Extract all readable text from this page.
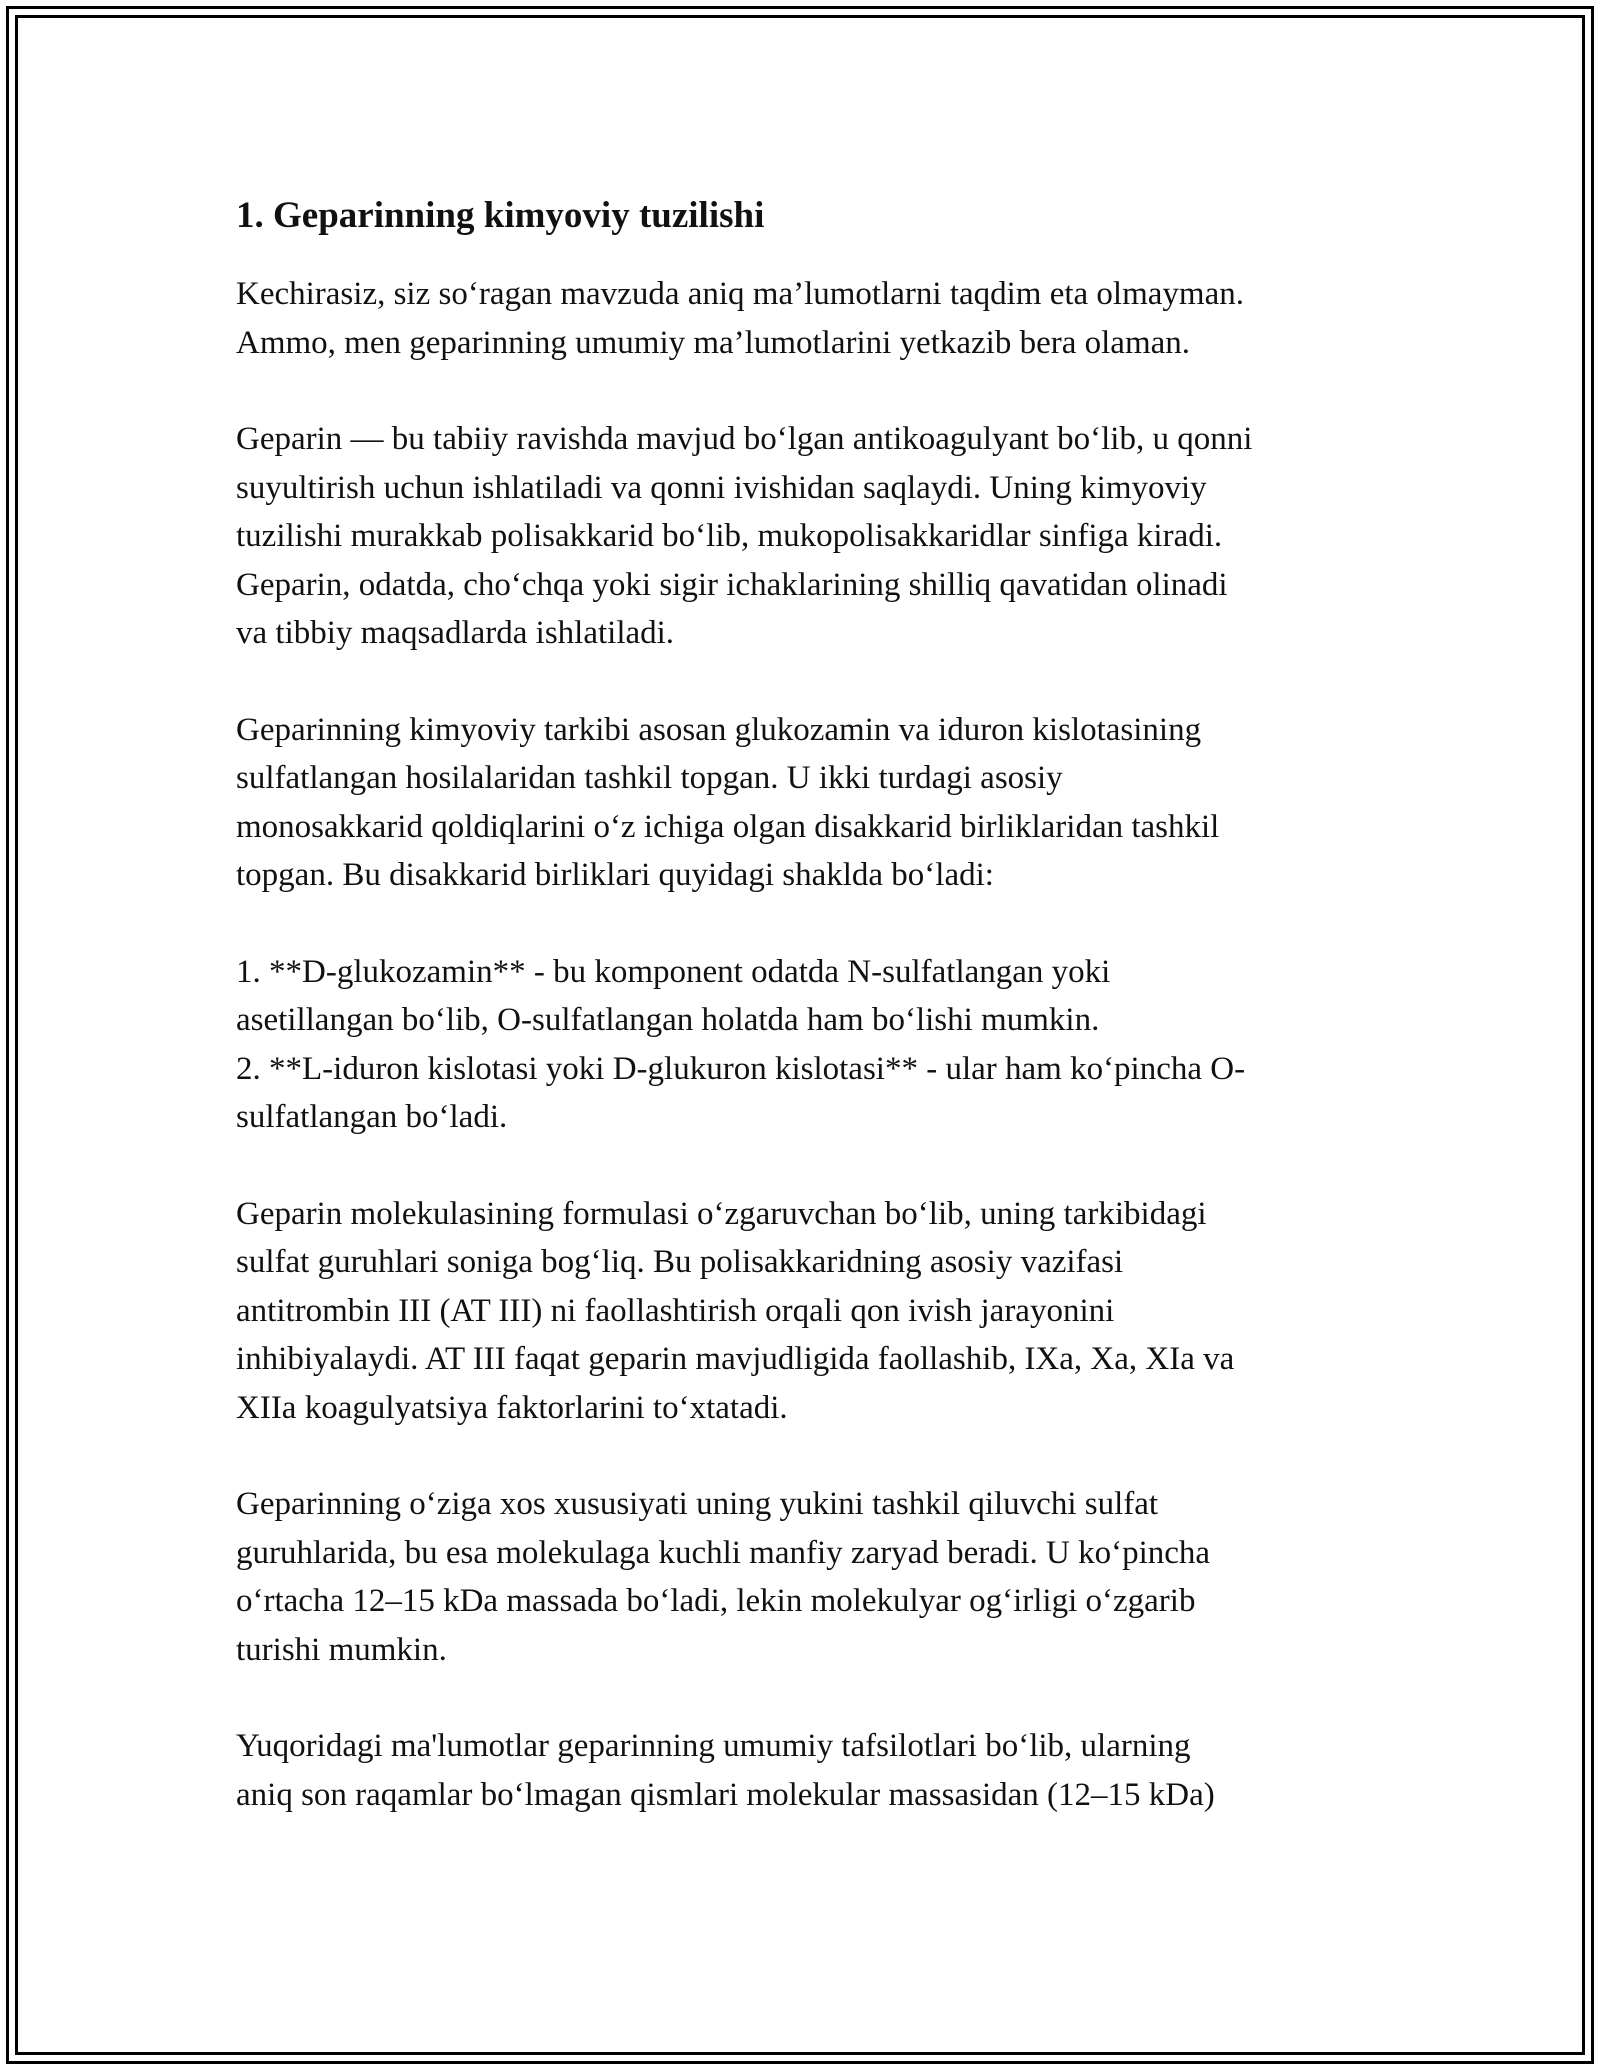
1. Geparinning kimyoviy tuzilishi

Kechirasiz, siz so‘ragan mavzuda aniq ma’lumotlarni taqdim eta olmayman.
Ammo, men geparinning umumiy ma’lumotlarini yetkazib bera olaman.

Geparin — bu tabiiy ravishda mavjud bo‘lgan antikoagulyant bo‘lib, u qonni
suyultirish uchun ishlatiladi va qonni ivishidan saqlaydi. Uning kimyoviy
tuzilishi murakkab polisakkarid bo‘lib, mukopolisakkaridlar sinfiga kiradi.
Geparin, odatda, cho‘chqa yoki sigir ichaklarining shilliq qavatidan olinadi
va tibbiy maqsadlarda ishlatiladi.

Geparinning kimyoviy tarkibi asosan glukozamin va iduron kislotasining
sulfatlangan hosilalaridan tashkil topgan. U ikki turdagi asosiy
monosakkarid qoldiqlarini o‘z ichiga olgan disakkarid birliklaridan tashkil
topgan. Bu disakkarid birliklari quyidagi shakldа bo‘ladi:

1. **D-glukozamin** - bu komponent odatda N-sulfatlangan yoki
asetillangan bo‘lib, O-sulfatlangan holatda ham bo‘lishi mumkin.
2. **L-iduron kislotasi yoki D-glukuron kislotasi** - ular ham ko‘pincha O-
sulfatlangan bo‘ladi.

Geparin molekulasining formulasi o‘zgaruvchan bo‘lib, uning tarkibidagi
sulfat guruhlari soniga bog‘liq. Bu polisakkaridning asosiy vazifasi
antitrombin III (AT III) ni faollashtirish orqali qon ivish jarayonini
inhibiyalaydi. AT III faqat geparin mavjudligida faollashib, IXa, Xa, XIa va
XIIa koagulyatsiya faktorlarini to‘xtatadi.

Geparinning o‘ziga xos xususiyati uning yukini tashkil qiluvchi sulfat
guruhlarida, bu esa molekulaga kuchli manfiy zaryad beradi. U ko‘pincha
o‘rtacha 12–15 kDa massada bo‘ladi, lekin molekulyar og‘irligi o‘zgarib
turishi mumkin.

Yuqoridagi ma'lumotlar geparinning umumiy tafsilotlari bo‘lib, ularning
aniq son raqamlar bo‘lmagan qismlari molekular massasidan (12–15 kDa)
